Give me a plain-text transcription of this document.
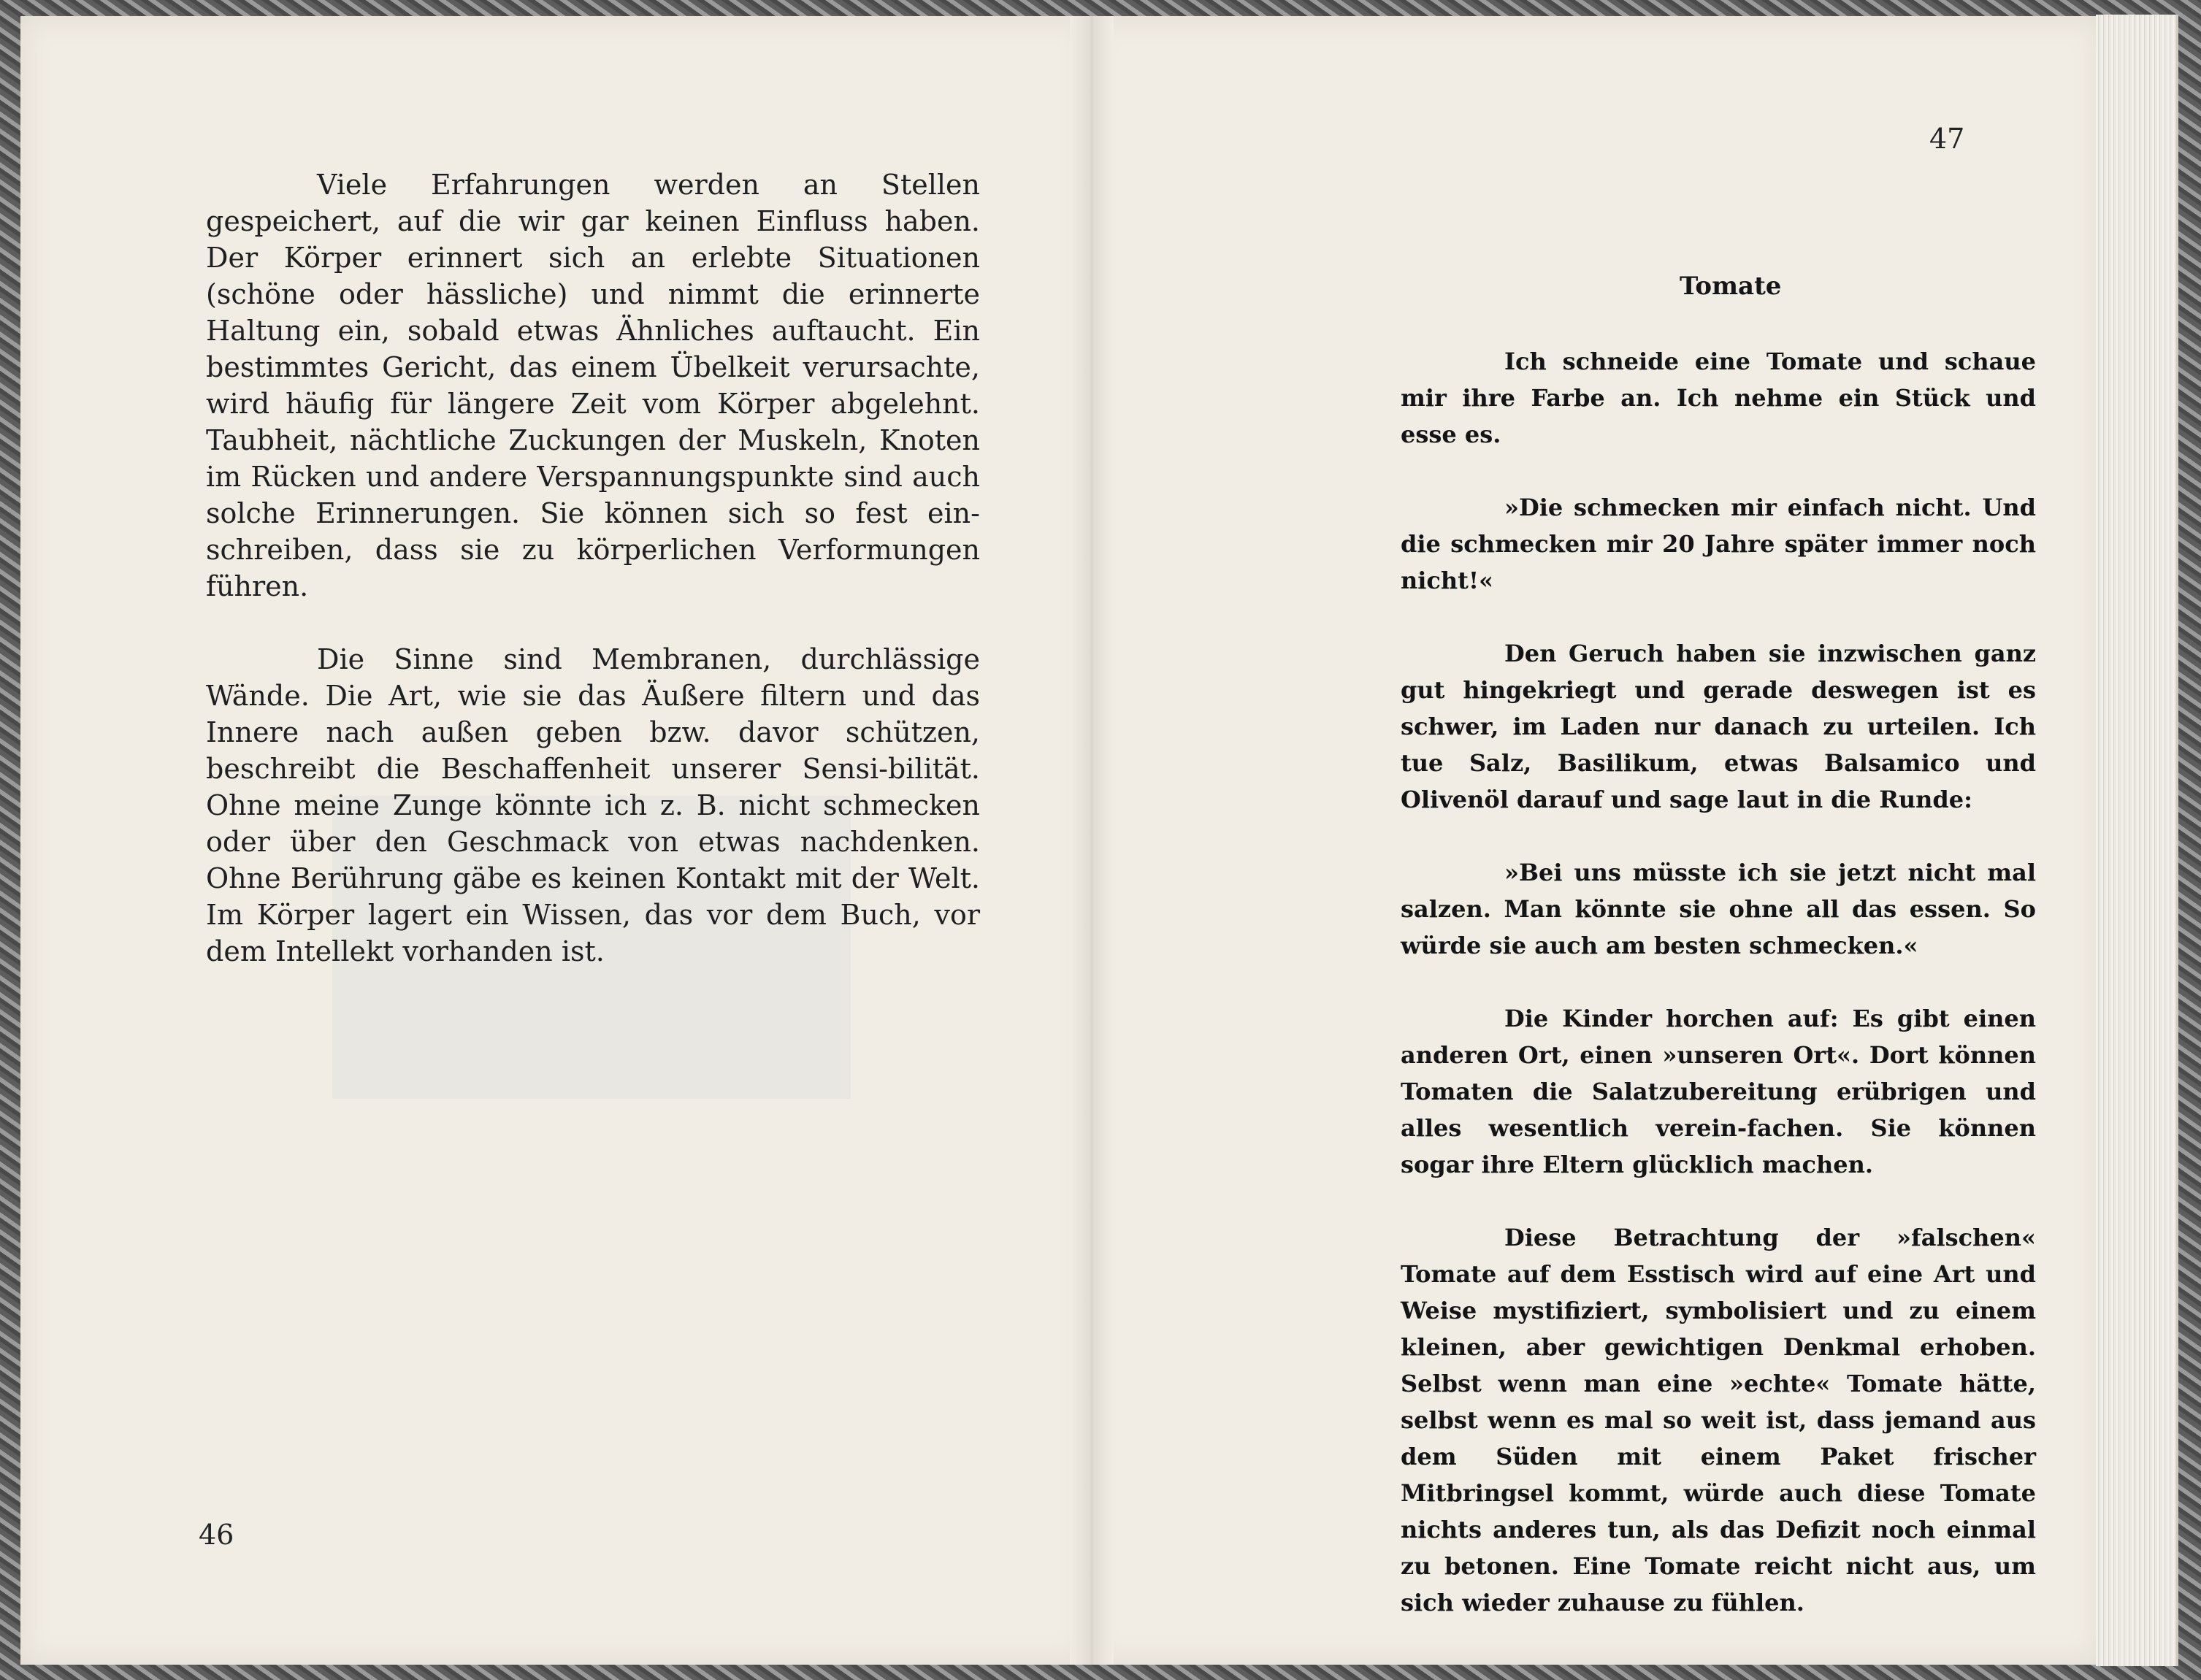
Viele Erfahrungen werden an Stellen gespeichert, auf die wir gar keinen Einfluss haben. Der Körper erinnert sich an erlebte Situationen (schöne oder hässliche) und nimmt die erinnerte Haltung ein, sobald etwas Ähnliches auftaucht. Ein bestimmtes Gericht, das einem Übelkeit verursachte, wird häufig für längere Zeit vom Körper abgelehnt. Taubheit, nächtliche Zuckungen der Muskeln, Knoten im Rücken und andere Verspannungspunkte sind auch solche Erinnerungen. Sie können sich so fest ein-schreiben, dass sie zu körperlichen Verformungen führen.

Die Sinne sind Membranen, durchlässige Wände. Die Art, wie sie das Äußere filtern und das Innere nach außen geben bzw. davor schützen, beschreibt die Beschaffenheit unserer Sensi-bilität. Ohne meine Zunge könnte ich z. B. nicht schmecken oder über den Geschmack von etwas nachdenken. Ohne Berührung gäbe es keinen Kontakt mit der Welt. Im Körper lagert ein Wissen, das vor dem Buch, vor dem Intellekt vorhanden ist.

46

47

Tomate

Ich schneide eine Tomate und schaue mir ihre Farbe an. Ich nehme ein Stück und esse es.

»Die schmecken mir einfach nicht. Und die schmecken mir 20 Jahre später immer noch nicht!«

Den Geruch haben sie inzwischen ganz gut hingekriegt und gerade deswegen ist es schwer, im Laden nur danach zu urteilen. Ich tue Salz, Basilikum, etwas Balsamico und Olivenöl darauf und sage laut in die Runde:

»Bei uns müsste ich sie jetzt nicht mal salzen. Man könnte sie ohne all das essen. So würde sie auch am besten schmecken.«

Die Kinder horchen auf: Es gibt einen anderen Ort, einen »unseren Ort«. Dort können Tomaten die Salatzubereitung erübrigen und alles wesentlich verein-fachen. Sie können sogar ihre Eltern glücklich machen.

Diese Betrachtung der »falschen« Tomate auf dem Esstisch wird auf eine Art und Weise mystifiziert, symbolisiert und zu einem kleinen, aber gewichtigen Denkmal erhoben. Selbst wenn man eine »echte« Tomate hätte, selbst wenn es mal so weit ist, dass jemand aus dem Süden mit einem Paket frischer Mitbringsel kommt, würde auch diese Tomate nichts anderes tun, als das Defizit noch einmal zu betonen. Eine Tomate reicht nicht aus, um sich wieder zuhause zu fühlen.
